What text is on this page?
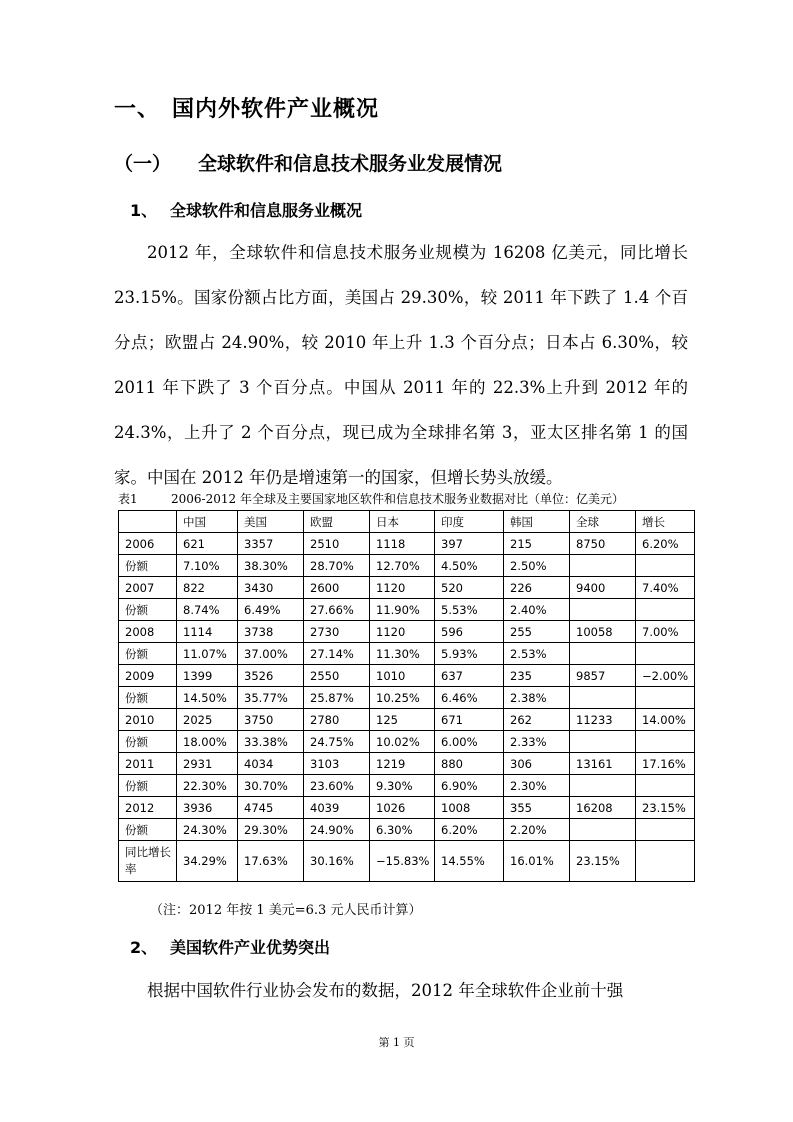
一、 国内外软件产业概况
（一） 全球软件和信息技术服务业发展情况
1、 全球软件和信息服务业概况

2012 年，全球软件和信息技术服务业规模为 16208 亿美元，同比增长 23.15%。国家份额占比方面，美国占 29.30%，较 2011 年下跌了 1.4 个百分点；欧盟占 24.90%，较 2010 年上升 1.3 个百分点；日本占 6.30%，较 2011 年下跌了 3 个百分点。中国从 2011 年的 22.3%上升到 2012 年的 24.3%，上升了 2 个百分点，现已成为全球排名第 3，亚太区排名第 1 的国家。中国在 2012 年仍是增速第一的国家，但增长势头放缓。

表1	2006-2012 年全球及主要国家地区软件和信息技术服务业数据对比（单位：亿美元）
	中国	美国	欧盟	日本	印度	韩国	全球	增长
2006	621	3357	2510	1118	397	215	8750	6.20%
份额	7.10%	38.30%	28.70%	12.70%	4.50%	2.50%		
2007	822	3430	2600	1120	520	226	9400	7.40%
份额	8.74%	6.49%	27.66%	11.90%	5.53%	2.40%		
2008	1114	3738	2730	1120	596	255	10058	7.00%
份额	11.07%	37.00%	27.14%	11.30%	5.93%	2.53%		
2009	1399	3526	2550	1010	637	235	9857	−2.00%
份额	14.50%	35.77%	25.87%	10.25%	6.46%	2.38%		
2010	2025	3750	2780	125	671	262	11233	14.00%
份额	18.00%	33.38%	24.75%	10.02%	6.00%	2.33%		
2011	2931	4034	3103	1219	880	306	13161	17.16%
份额	22.30%	30.70%	23.60%	9.30%	6.90%	2.30%		
2012	3936	4745	4039	1026	1008	355	16208	23.15%
份额	24.30%	29.30%	24.90%	6.30%	6.20%	2.20%		
同比增长率	34.29%	17.63%	30.16%	−15.83%	14.55%	16.01%	23.15%	
（注：2012 年按 1 美元=6.3 元人民币计算）
2、 美国软件产业优势突出

根据中国软件行业协会发布的数据，2012 年全球软件企业前十强

第 1 页
